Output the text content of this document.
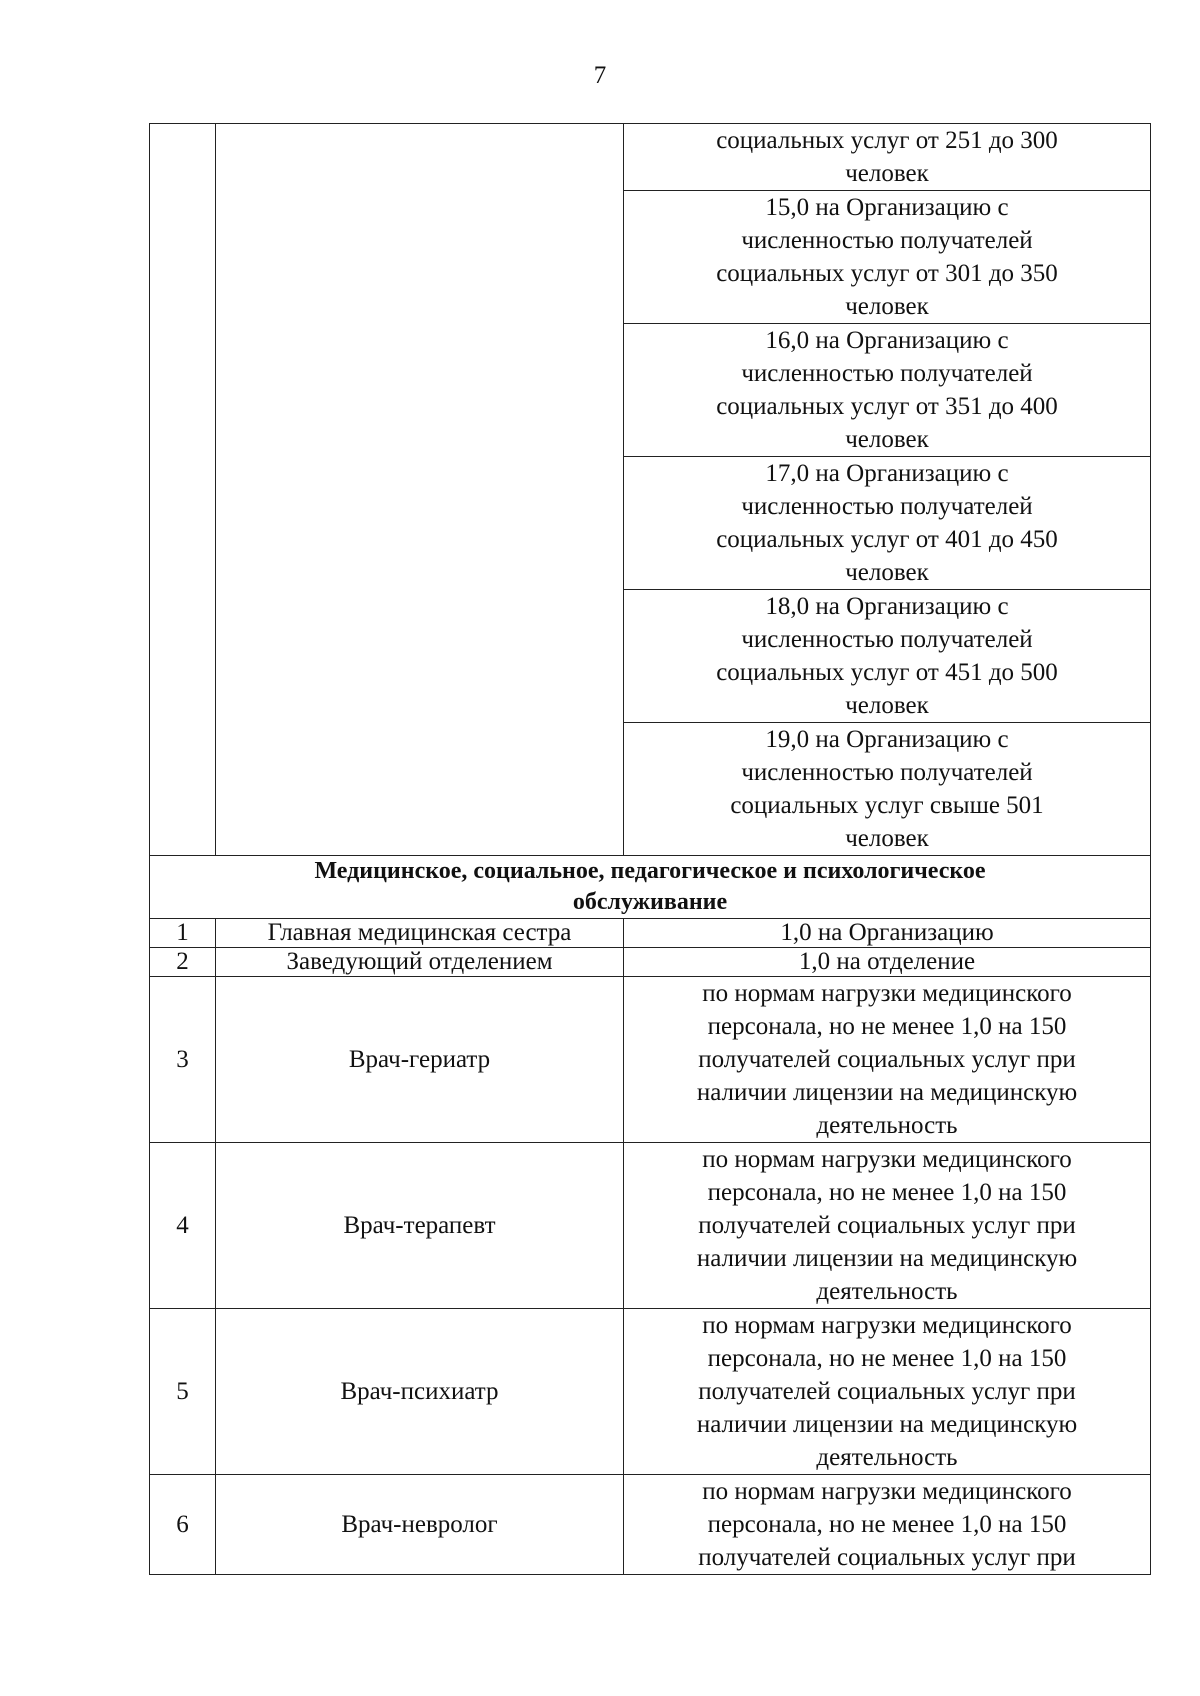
7

		социальных услуг от 251 до 300
человек

		15,0 на Организацию с
численностью получателей
социальных услуг от 301 до 350
человек

		16,0 на Организацию с
численностью получателей
социальных услуг от 351 до 400
человек

		17,0 на Организацию с
численностью получателей
социальных услуг от 401 до 450
человек

		18,0 на Организацию с
численностью получателей
социальных услуг от 451 до 500
человек

		19,0 на Организацию с
численностью получателей
социальных услуг свыше 501
человек

Медицинское, социальное, педагогическое и психологическое
обслуживание		

1	Главная медицинская сестра	1,0 на Организацию

2	Заведующий отделением	1,0 на отделение

3	Врач-гериатр	по нормам нагрузки медицинского
персонала, но не менее 1,0 на 150
получателей социальных услуг при
наличии лицензии на медицинскую
деятельность

4	Врач-терапевт	по нормам нагрузки медицинского
персонала, но не менее 1,0 на 150
получателей социальных услуг при
наличии лицензии на медицинскую
деятельность

5	Врач-психиатр	по нормам нагрузки медицинского
персонала, но не менее 1,0 на 150
получателей социальных услуг при
наличии лицензии на медицинскую
деятельность

6	Врач-невролог	по нормам нагрузки медицинского
персонала, но не менее 1,0 на 150
получателей социальных услуг при
